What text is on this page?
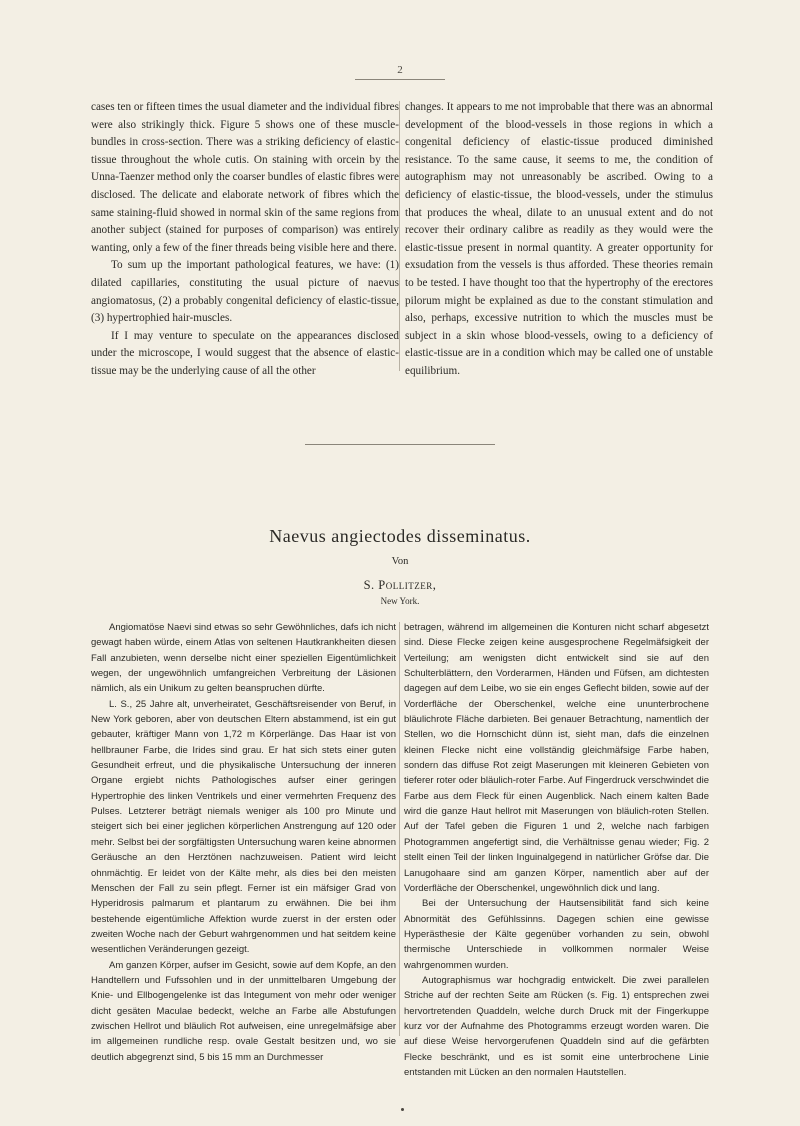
2

cases ten or fifteen times the usual diameter and the individual fibres were also strikingly thick. Figure 5 shows one of these muscle-bundles in cross-section. There was a striking deficiency of elastic-tissue throughout the whole cutis. On staining with orcein by the Unna-Taenzer method only the coarser bundles of elastic fibres were disclosed. The delicate and elaborate network of fibres which the same staining-fluid showed in normal skin of the same regions from another subject (stained for purposes of comparison) was entirely wanting, only a few of the finer threads being visible here and there.

To sum up the important pathological features, we have: (1) dilated capillaries, constituting the usual picture of naevus angiomatosus, (2) a probably congenital deficiency of elastic-tissue, (3) hypertrophied hair-muscles.

If I may venture to speculate on the appearances disclosed under the microscope, I would suggest that the absence of elastic-tissue may be the underlying cause of all the other

changes. It appears to me not improbable that there was an abnormal development of the blood-vessels in those regions in which a congenital deficiency of elastic-tissue produced diminished resistance. To the same cause, it seems to me, the condition of autographism may not unreasonably be ascribed. Owing to a deficiency of elastic-tissue, the blood-vessels, under the stimulus that produces the wheal, dilate to an unusual extent and do not recover their ordinary calibre as readily as they would were the elastic-tissue present in normal quantity. A greater opportunity for exsudation from the vessels is thus afforded. These theories remain to be tested. I have thought too that the hypertrophy of the erectores pilorum might be explained as due to the constant stimulation and also, perhaps, excessive nutrition to which the muscles must be subject in a skin whose blood-vessels, owing to a deficiency of elastic-tissue are in a condition which may be called one of unstable equilibrium.

Naevus angiectodes disseminatus.
Von
S. Pollitzer,
New York.

Angiomatöse Naevi sind etwas so sehr Gewöhnliches, dafs ich nicht gewagt haben würde, einem Atlas von seltenen Hautkrankheiten diesen Fall anzubieten, wenn derselbe nicht einer speziellen Eigentümlichkeit wegen, der ungewöhnlich umfangreichen Verbreitung der Läsionen nämlich, als ein Unikum zu gelten beanspruchen dürfte.

L. S., 25 Jahre alt, unverheiratet, Geschäftsreisender von Beruf, in New York geboren, aber von deutschen Eltern abstammend, ist ein gut gebauter, kräftiger Mann von 1,72 m Körperlänge. Das Haar ist von hellbrauner Farbe, die Irides sind grau. Er hat sich stets einer guten Gesundheit erfreut, und die physikalische Untersuchung der inneren Organe ergiebt nichts Pathologisches aufser einer geringen Hypertrophie des linken Ventrikels und einer vermehrten Frequenz des Pulses. Letzterer beträgt niemals weniger als 100 pro Minute und steigert sich bei einer jeglichen körperlichen Anstrengung auf 120 oder mehr. Selbst bei der sorgfältigsten Untersuchung waren keine abnormen Geräusche an den Herztönen nachzuweisen. Patient wird leicht ohnmächtig. Er leidet von der Kälte mehr, als dies bei den meisten Menschen der Fall zu sein pflegt. Ferner ist ein mäfsiger Grad von Hyperidrosis palmarum et plantarum zu erwähnen. Die bei ihm bestehende eigentümliche Affektion wurde zuerst in der ersten oder zweiten Woche nach der Geburt wahrgenommen und hat seitdem keine wesentlichen Veränderungen gezeigt.

Am ganzen Körper, aufser im Gesicht, sowie auf dem Kopfe, an den Handtellern und Fufssohlen und in der unmittelbaren Umgebung der Knie- und Ellbogengelenke ist das Integument von mehr oder weniger dicht gesäten Maculae bedeckt, welche an Farbe alle Abstufungen zwischen Hellrot und bläulich Rot aufweisen, eine unregelmäfsige aber im allgemeinen rundliche resp. ovale Gestalt besitzen und, wo sie deutlich abgegrenzt sind, 5 bis 15 mm an Durchmesser

betragen, während im allgemeinen die Konturen nicht scharf abgesetzt sind. Diese Flecke zeigen keine ausgesprochene Regelmäfsigkeit der Verteilung; am wenigsten dicht entwickelt sind sie auf den Schulterblättern, den Vorderarmen, Händen und Füfsen, am dichtesten dagegen auf dem Leibe, wo sie ein enges Geflecht bilden, sowie auf der Vorderfläche der Oberschenkel, welche eine ununterbrochene bläulichrote Fläche darbieten. Bei genauer Betrachtung, namentlich der Stellen, wo die Hornschicht dünn ist, sieht man, dafs die einzelnen kleinen Flecke nicht eine vollständig gleichmäfsige Farbe haben, sondern das diffuse Rot zeigt Maserungen mit kleineren Gebieten von tieferer roter oder bläulich-roter Farbe. Auf Fingerdruck verschwindet die Farbe aus dem Fleck für einen Augenblick. Nach einem kalten Bade wird die ganze Haut hellrot mit Maserungen von bläulich-roten Stellen. Auf der Tafel geben die Figuren 1 und 2, welche nach farbigen Photogrammen angefertigt sind, die Verhältnisse genau wieder; Fig. 2 stellt einen Teil der linken Inguinalgegend in natürlicher Gröfse dar. Die Lanugohaare sind am ganzen Körper, namentlich aber auf der Vorderfläche der Oberschenkel, ungewöhnlich dick und lang.

Bei der Untersuchung der Hautsensibilität fand sich keine Abnormität des Gefühlssinns. Dagegen schien eine gewisse Hyperästhesie der Kälte gegenüber vorhanden zu sein, obwohl thermische Unterschiede in vollkommen normaler Weise wahrgenommen wurden.

Autographismus war hochgradig entwickelt. Die zwei parallelen Striche auf der rechten Seite am Rücken (s. Fig. 1) entsprechen zwei hervortretenden Quaddeln, welche durch Druck mit der Fingerkuppe kurz vor der Aufnahme des Photogramms erzeugt worden waren. Die auf diese Weise hervorgerufenen Quaddeln sind auf die gefärbten Flecke beschränkt, und es ist somit eine unterbrochene Linie entstanden mit Lücken an den normalen Hautstellen.
